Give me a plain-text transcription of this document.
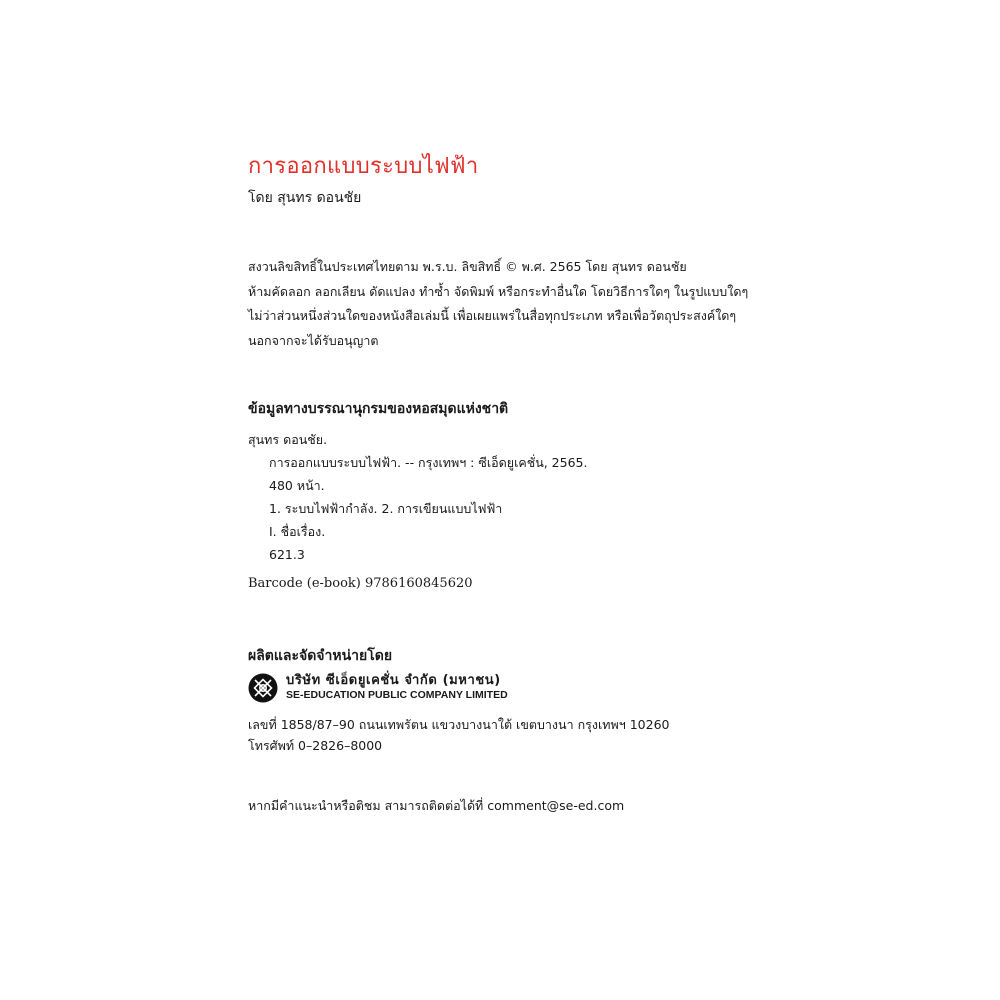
การออกแบบระบบไฟฟ้า

โดย สุนทร ดอนชัย

สงวนลิขสิทธิ์ในประเทศไทยตาม พ.ร.บ. ลิขสิทธิ์ © พ.ศ. 2565 โดย สุนทร ดอนชัย
ห้ามคัดลอก ลอกเลียน ดัดแปลง ทำซ้ำ จัดพิมพ์ หรือกระทำอื่นใด โดยวิธีการใดๆ ในรูปแบบใดๆ
ไม่ว่าส่วนหนึ่งส่วนใดของหนังสือเล่มนี้ เพื่อเผยแพร่ในสื่อทุกประเภท หรือเพื่อวัตถุประสงค์ใดๆ
นอกจากจะได้รับอนุญาต

ข้อมูลทางบรรณานุกรมของหอสมุดแห่งชาติ

สุนทร ดอนชัย.
การออกแบบระบบไฟฟ้า. -- กรุงเทพฯ : ซีเอ็ดยูเคชั่น, 2565.
480 หน้า.
1. ระบบไฟฟ้ากำลัง. 2. การเขียนแบบไฟฟ้า
I. ชื่อเรื่อง.
621.3

Barcode (e-book) 9786160845620

ผลิตและจัดจำหน่ายโดย

บริษัท ซีเอ็ดยูเคชั่น จำกัด (มหาชน)
SE-EDUCATION PUBLIC COMPANY LIMITED
เลขที่ 1858/87–90 ถนนเทพรัตน แขวงบางนาใต้ เขตบางนา กรุงเทพฯ 10260
โทรศัพท์ 0–2826–8000

หากมีคำแนะนำหรือติชม สามารถติดต่อได้ที่ comment@se-ed.com
